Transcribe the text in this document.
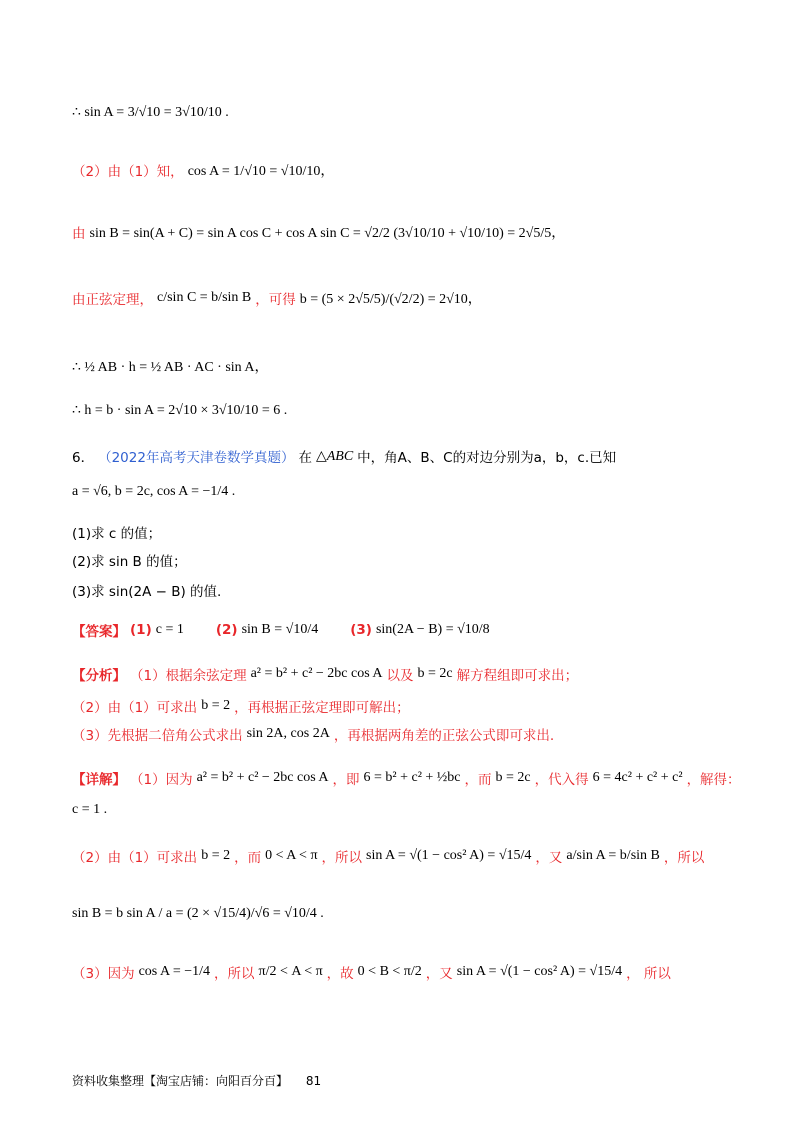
∴ sin A = 3/√10 = 3√10/10 .
（2）由（1）知， cos A = 1/√10 = √10/10，
由 sin B = sin(A + C) = sin A cos C + cos A sin C = √2/2 (3√10/10 + √10/10) = 2√5/5，
由正弦定理， c/sin C = b/sin B ，可得 b = (5 × 2√5/5)/(√2/2) = 2√10，
∴ ½ AB · h = ½ AB · AC · sin A，
∴ h = b · sin A = 2√10 × 3√10/10 = 6 .
6． （2022年高考天津卷数学真题） 在 △ABC 中，角A、B、C的对边分别为a，b，c.已知
a = √6, b = 2c, cos A = −1/4 .
(1)求 c 的值；
(2)求 sin B 的值；
(3)求 sin(2A − B) 的值.
【答案】 (1) c = 1 (2) sin B = √10/4 (3) sin(2A − B) = √10/8
【分析】 （1）根据余弦定理 a² = b² + c² − 2bc cos A 以及 b = 2c 解方程组即可求出；
（2）由（1）可求出 b = 2 ，再根据正弦定理即可解出；
（3）先根据二倍角公式求出 sin 2A, cos 2A ，再根据两角差的正弦公式即可求出.
【详解】 （1）因为 a² = b² + c² − 2bc cos A ，即 6 = b² + c² + ½bc ，而 b = 2c ，代入得 6 = 4c² + c² + c² ，解得：
c = 1 .
（2）由（1）可求出 b = 2 ，而 0 < A < π ，所以 sin A = √(1 − cos² A) = √15/4 ，又 a/sin A = b/sin B ，所以
sin B = b sin A / a = (2 × √15/4)/√6 = √10/4 .
（3）因为 cos A = −1/4 ，所以 π/2 < A < π ，故 0 < B < π/2 ，又 sin A = √(1 − cos² A) = √15/4 ， 所以
资料收集整理【淘宝店铺：向阳百分百】 81
